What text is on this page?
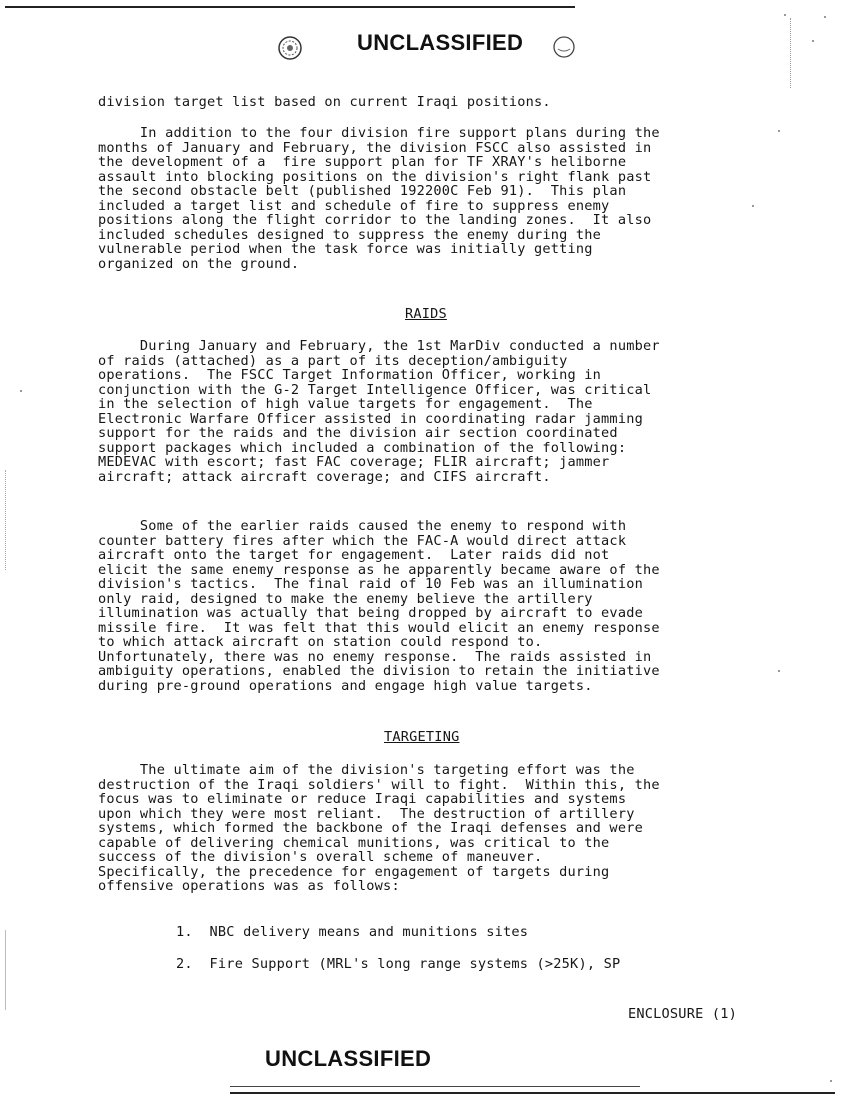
UNCLASSIFIED

division target list based on current Iraqi positions.

In addition to the four division fire support plans during the
months of January and February, the division FSCC also assisted in
the development of a  fire support plan for TF XRAY's heliborne
assault into blocking positions on the division's right flank past
the second obstacle belt (published 192200C Feb 91).  This plan
included a target list and schedule of fire to suppress enemy
positions along the flight corridor to the landing zones.  It also
included schedules designed to suppress the enemy during the
vulnerable period when the task force was initially getting
organized on the ground.

RAIDS

During January and February, the 1st MarDiv conducted a number
of raids (attached) as a part of its deception/ambiguity
operations.  The FSCC Target Information Officer, working in
conjunction with the G-2 Target Intelligence Officer, was critical
in the selection of high value targets for engagement.  The
Electronic Warfare Officer assisted in coordinating radar jamming
support for the raids and the division air section coordinated
support packages which included a combination of the following:
MEDEVAC with escort; fast FAC coverage; FLIR aircraft; jammer
aircraft; attack aircraft coverage; and CIFS aircraft.

Some of the earlier raids caused the enemy to respond with
counter battery fires after which the FAC-A would direct attack
aircraft onto the target for engagement.  Later raids did not
elicit the same enemy response as he apparently became aware of the
division's tactics.  The final raid of 10 Feb was an illumination
only raid, designed to make the enemy believe the artillery
illumination was actually that being dropped by aircraft to evade
missile fire.  It was felt that this would elicit an enemy response
to which attack aircraft on station could respond to.
Unfortunately, there was no enemy response.  The raids assisted in
ambiguity operations, enabled the division to retain the initiative
during pre-ground operations and engage high value targets.

TARGETING

The ultimate aim of the division's targeting effort was the
destruction of the Iraqi soldiers' will to fight.  Within this, the
focus was to eliminate or reduce Iraqi capabilities and systems
upon which they were most reliant.  The destruction of artillery
systems, which formed the backbone of the Iraqi defenses and were
capable of delivering chemical munitions, was critical to the
success of the division's overall scheme of maneuver.
Specifically, the precedence for engagement of targets during
offensive operations was as follows:

1.  NBC delivery means and munitions sites

2.  Fire Support (MRL's long range systems (>25K), SP

ENCLOSURE (1)

UNCLASSIFIED
